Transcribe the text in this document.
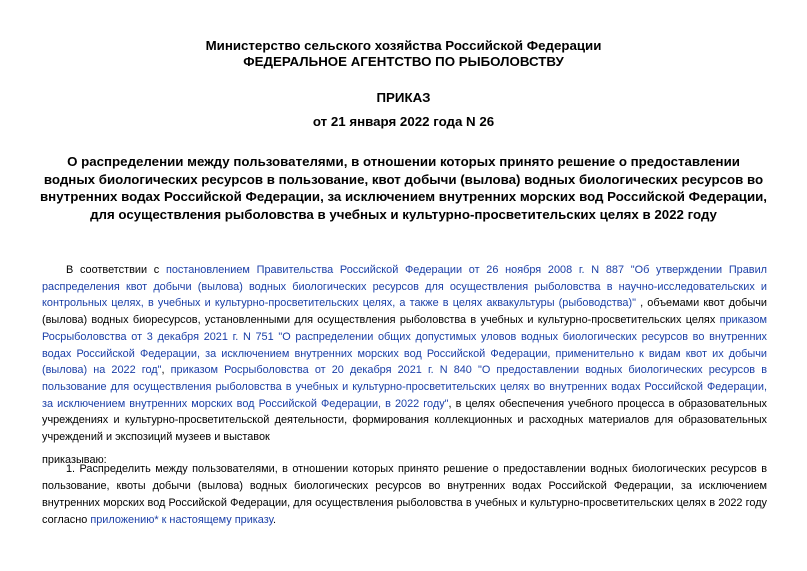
Министерство сельского хозяйства Российской Федерации
ФЕДЕРАЛЬНОЕ АГЕНТСТВО ПО РЫБОЛОВСТВУ
ПРИКАЗ
от 21 января 2022 года N 26
О распределении между пользователями, в отношении которых принято решение о предоставлении водных биологических ресурсов в пользование, квот добычи (вылова) водных биологических ресурсов во внутренних водах Российской Федерации, за исключением внутренних морских вод Российской Федерации, для осуществления рыболовства в учебных и культурно-просветительских целях в 2022 году
В соответствии с постановлением Правительства Российской Федерации от 26 ноября 2008 г. N 887 "Об утверждении Правил распределения квот добычи (вылова) водных биологических ресурсов для осуществления рыболовства в научно-исследовательских и контрольных целях, в учебных и культурно-просветительских целях, а также в целях аквакультуры (рыбоводства)" , объемами квот добычи (вылова) водных биоресурсов, установленными для осуществления рыболовства в учебных и культурно-просветительских целях приказом Росрыболовства от 3 декабря 2021 г. N 751 "О распределении общих допустимых уловов водных биологических ресурсов во внутренних водах Российской Федерации, за исключением внутренних морских вод Российской Федерации, применительно к видам квот их добычи (вылова) на 2022 год", приказом Росрыболовства от 20 декабря 2021 г. N 840 "О предоставлении водных биологических ресурсов в пользование для осуществления рыболовства в учебных и культурно-просветительских целях во внутренних водах Российской Федерации, за исключением внутренних морских вод Российской Федерации, в 2022 году", в целях обеспечения учебного процесса в образовательных учреждениях и культурно-просветительской деятельности, формирования коллекционных и расходных материалов для образовательных учреждений и экспозиций музеев и выставок
приказываю:
1. Распределить между пользователями, в отношении которых принято решение о предоставлении водных биологических ресурсов в пользование, квоты добычи (вылова) водных биологических ресурсов во внутренних водах Российской Федерации, за исключением внутренних морских вод Российской Федерации, для осуществления рыболовства в учебных и культурно-просветительских целях в 2022 году согласно приложению* к настоящему приказу.
